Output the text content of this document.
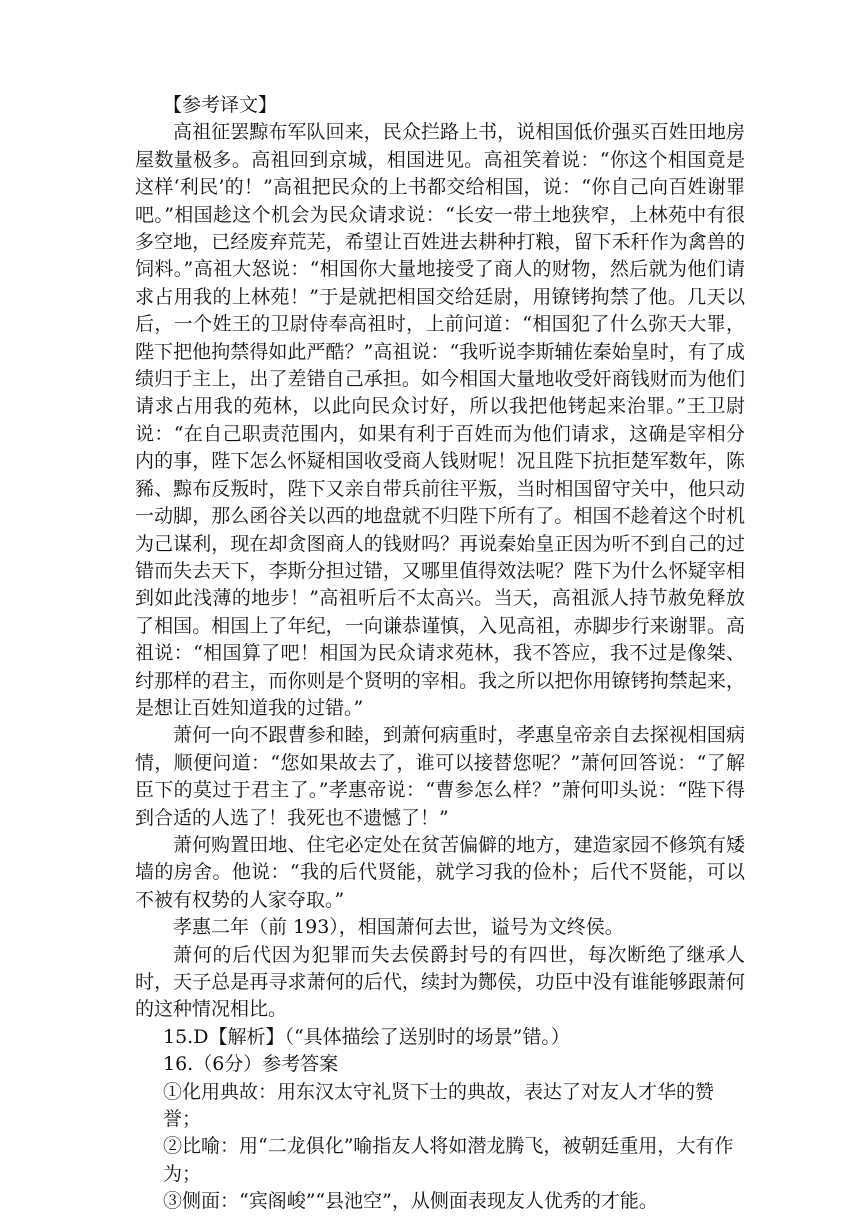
【参考译文】

高祖征罢黥布军队回来，民众拦路上书，说相国低价强买百姓田地房屋数量极多。高祖回到京城，相国进见。高祖笑着说：“你这个相国竟是这样‘利民’的！”高祖把民众的上书都交给相国，说：“你自己向百姓谢罪吧。”相国趁这个机会为民众请求说：“长安一带土地狭窄，上林苑中有很多空地，已经废弃荒芜，希望让百姓进去耕种打粮，留下禾秆作为禽兽的饲料。”高祖大怒说：“相国你大量地接受了商人的财物，然后就为他们请求占用我的上林苑！”于是就把相国交给廷尉，用镣铐拘禁了他。几天以后，一个姓王的卫尉侍奉高祖时，上前问道：“相国犯了什么弥天大罪，陛下把他拘禁得如此严酷？”高祖说：“我听说李斯辅佐秦始皇时，有了成绩归于主上，出了差错自己承担。如今相国大量地收受奸商钱财而为他们请求占用我的苑林，以此向民众讨好，所以我把他铐起来治罪。”王卫尉说：“在自己职责范围内，如果有利于百姓而为他们请求，这确是宰相分内的事，陛下怎么怀疑相国收受商人钱财呢！况且陛下抗拒楚军数年，陈豨、黥布反叛时，陛下又亲自带兵前往平叛，当时相国留守关中，他只动一动脚，那么函谷关以西的地盘就不归陛下所有了。相国不趁着这个时机为己谋利，现在却贪图商人的钱财吗？再说秦始皇正因为听不到自己的过错而失去天下，李斯分担过错，又哪里值得效法呢？陛下为什么怀疑宰相到如此浅薄的地步！”高祖听后不太高兴。当天，高祖派人持节赦免释放了相国。相国上了年纪，一向谦恭谨慎，入见高祖，赤脚步行来谢罪。高祖说：“相国算了吧！相国为民众请求苑林，我不答应，我不过是像桀、纣那样的君主，而你则是个贤明的宰相。我之所以把你用镣铐拘禁起来，是想让百姓知道我的过错。”

萧何一向不跟曹参和睦，到萧何病重时，孝惠皇帝亲自去探视相国病情，顺便问道：“您如果故去了，谁可以接替您呢？”萧何回答说：“了解臣下的莫过于君主了。”孝惠帝说：“曹参怎么样？”萧何叩头说：“陛下得到合适的人选了！我死也不遗憾了！”

萧何购置田地、住宅必定处在贫苦偏僻的地方，建造家园不修筑有矮墙的房舍。他说：“我的后代贤能，就学习我的俭朴；后代不贤能，可以不被有权势的人家夺取。”

孝惠二年（前 193），相国萧何去世，谥号为文终侯。

萧何的后代因为犯罪而失去侯爵封号的有四世，每次断绝了继承人时，天子总是再寻求萧何的后代，续封为酂侯，功臣中没有谁能够跟萧何的这种情况相比。

15.D【解析】（“具体描绘了送别时的场景”错。）

16.（6分）参考答案

①化用典故：用东汉太守礼贤下士的典故，表达了对友人才华的赞誉；

②比喻：用“二龙俱化”喻指友人将如潜龙腾飞，被朝廷重用，大有作为；

③侧面：“宾阁峻”“县池空”，从侧面表现友人优秀的才能。
